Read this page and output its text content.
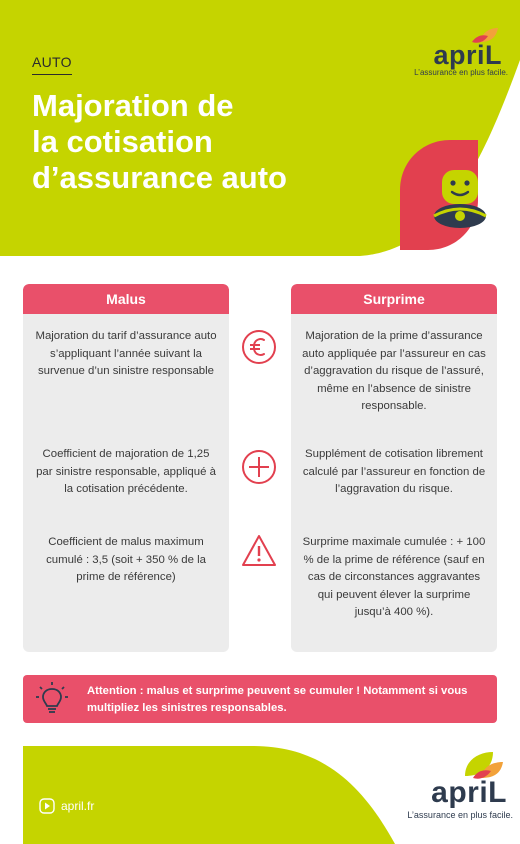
AUTO
Majoration de
la cotisation
d’assurance auto
apriL
L’assurance en plus facile.
Malus
Majoration du tarif d’assurance auto s’appliquant l’année suivant la survenue d’un sinistre responsable
Coefficient de majoration de 1,25 par sinistre responsable, appliqué à la cotisation précédente.
Coefficient de malus maximum cumulé : 3,5 (soit + 350 % de la prime de référence)
Surprime
Majoration de la prime d’assurance auto appliquée par l’assureur en cas d’aggravation du risque de l’assuré, même en l’absence de sinistre responsable.
Supplément de cotisation librement calculé par l’assureur en fonction de l’aggravation du risque.
Surprime maximale cumulée : + 100 % de la prime de référence (sauf en cas de circonstances aggravantes qui peuvent élever la surprime jusqu’à 400 %).
Attention : malus et surprime peuvent se cumuler ! Notamment si vous multipliez les sinistres responsables.
april.fr	apriL
L’assurance en plus facile.
